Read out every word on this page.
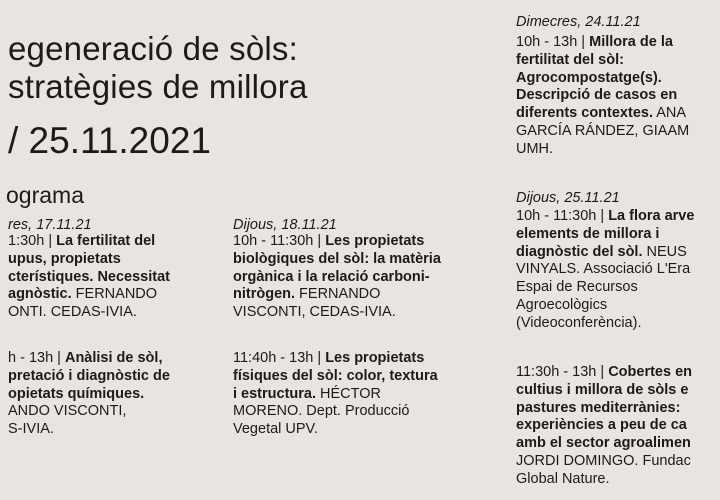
egeneració de sòls:
stratègies de millora
/ 25.11.2021
ograma
res, 17.11.21
1:30h | La fertilitat del
upus, propietats
cterístiques. Necessitat
agnòstic. FERNANDO
ONTI. CEDAS-IVIA.
h - 13h | Anàlisi de sòl,
pretació i diagnòstic de
opietats químiques.
ANDO VISCONTI,
S-IVIA.
Dijous, 18.11.21
10h - 11:30h | Les propietats
biològiques del sòl: la matèria
orgànica i la relació carboni-
nitrògen. FERNANDO
VISCONTI, CEDAS-IVIA.
11:40h - 13h | Les propietats
físiques del sòl: color, textura
i estructura. HÉCTOR
MORENO. Dept. Producció
Vegetal UPV.
Dimecres, 24.11.21
10h - 13h | Millora de la
fertilitat del sòl:
Agrocompostatge(s).
Descripció de casos en
diferents contextes. ANA
GARCÍA RÁNDEZ, GIAAM
UMH.
Dijous, 25.11.21
10h - 11:30h | La flora arve
elements de millora i
diagnòstic del sòl. NEUS
VINYALS. Associació L'Era
Espai de Recursos
Agroecològics
(Videoconferència).
11:30h - 13h | Cobertes en
cultius i millora de sòls e
pastures mediterrànies:
experiències a peu de ca
amb el sector agroalimen
JORDI DOMINGO. Fundac
Global Nature.
